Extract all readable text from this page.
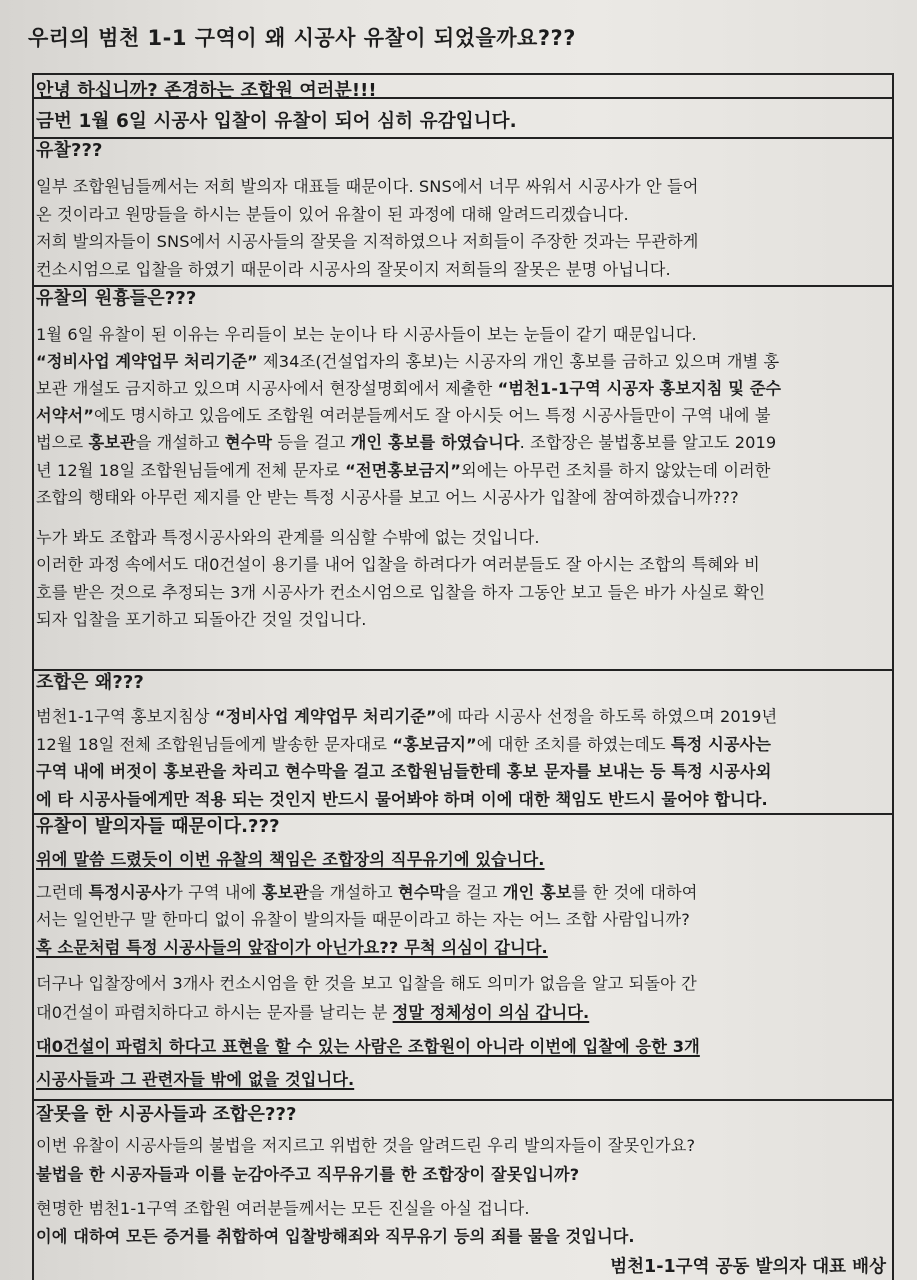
우리의 범천 1-1 구역이 왜 시공사 유찰이 되었을까요???
안녕 하십니까? 존경하는 조합원 여러분!!!
금번 1월 6일 시공사 입찰이 유찰이 되어 심히 유감입니다.
유찰???
일부 조합원님들께서는 저희 발의자 대표들 때문이다. SNS에서 너무 싸워서 시공사가 안 들어
온 것이라고 원망들을 하시는 분들이 있어 유찰이 된 과정에 대해 알려드리겠습니다.
저희 발의자들이 SNS에서 시공사들의 잘못을 지적하였으나 저희들이 주장한 것과는 무관하게
컨소시엄으로 입찰을 하였기 때문이라 시공사의 잘못이지 저희들의 잘못은 분명 아닙니다.
유찰의 원흉들은???
1월 6일 유찰이 된 이유는 우리들이 보는 눈이나 타 시공사들이 보는 눈들이 같기 때문입니다.
“정비사업 계약업무 처리기준” 제34조(건설업자의 홍보)는 시공자의 개인 홍보를 금하고 있으며 개별 홍
보관 개설도 금지하고 있으며 시공사에서 현장설명회에서 제출한 “범천1-1구역 시공자 홍보지침 및 준수
서약서”에도 명시하고 있음에도 조합원 여러분들께서도 잘 아시듯 어느 특정 시공사들만이 구역 내에 불
법으로 홍보관을 개설하고 현수막 등을 걸고 개인 홍보를 하였습니다. 조합장은 불법홍보를 알고도 2019
년 12월 18일 조합원님들에게 전체 문자로 “전면홍보금지”외에는 아무런 조치를 하지 않았는데 이러한
조합의 행태와 아무런 제지를 안 받는 특정 시공사를 보고 어느 시공사가 입찰에 참여하겠습니까???
누가 봐도 조합과 특정시공사와의 관계를 의심할 수밖에 없는 것입니다.
이러한 과정 속에서도 대0건설이 용기를 내어 입찰을 하려다가 여러분들도 잘 아시는 조합의 특혜와 비
호를 받은 것으로 추정되는 3개 시공사가 컨소시엄으로 입찰을 하자 그동안 보고 들은 바가 사실로 확인
되자 입찰을 포기하고 되돌아간 것일 것입니다.
조합은 왜???
범천1-1구역 홍보지침상 “정비사업 계약업무 처리기준”에 따라 시공사 선정을 하도록 하였으며 2019년
12월 18일 전체 조합원님들에게 발송한 문자대로 “홍보금지”에 대한 조치를 하였는데도 특정 시공사는
구역 내에 버젓이 홍보관을 차리고 현수막을 걸고 조합원님들한테 홍보 문자를 보내는 등 특정 시공사외
에 타 시공사들에게만 적용 되는 것인지 반드시 물어봐야 하며 이에 대한 책임도 반드시 물어야 합니다.
유찰이 발의자들 때문이다.???
위에 말씀 드렸듯이 이번 유찰의 책임은 조합장의 직무유기에 있습니다.
그런데 특정시공사가 구역 내에 홍보관을 개설하고 현수막을 걸고 개인 홍보를 한 것에 대하여
서는 일언반구 말 한마디 없이 유찰이 발의자들 때문이라고 하는 자는 어느 조합 사람입니까?
혹 소문처럼 특정 시공사들의 앞잡이가 아닌가요?? 무척 의심이 갑니다.
더구나 입찰장에서 3개사 컨소시엄을 한 것을 보고 입찰을 해도 의미가 없음을 알고 되돌아 간
대0건설이 파렴치하다고 하시는 문자를 날리는 분 정말 정체성이 의심 갑니다.
대0건설이 파렴치 하다고 표현을 할 수 있는 사람은 조합원이 아니라 이번에 입찰에 응한 3개
시공사들과 그 관련자들 밖에 없을 것입니다.
잘못을 한 시공사들과 조합은???
이번 유찰이 시공사들의 불법을 저지르고 위법한 것을 알려드린 우리 발의자들이 잘못인가요?
불법을 한 시공자들과 이를 눈감아주고 직무유기를 한 조합장이 잘못입니까?
현명한 범천1-1구역 조합원 여러분들께서는 모든 진실을 아실 겁니다.
이에 대하여 모든 증거를 취합하여 입찰방해죄와 직무유기 등의 죄를 물을 것입니다.
범천1-1구역 공동 발의자 대표 배상
